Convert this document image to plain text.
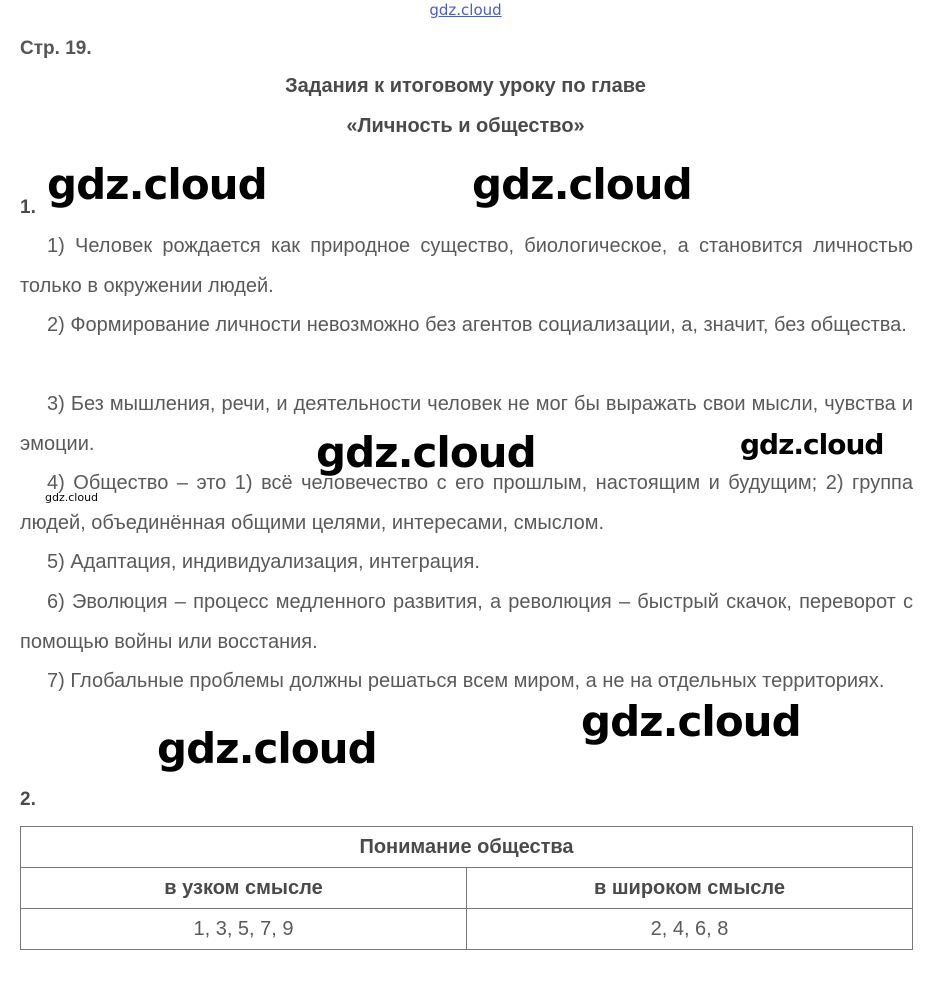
gdz.cloud
Стр. 19.
Задания к итоговому уроку по главе
«Личность и общество»
1.
1) Человек рождается как природное существо, биологическое, а становится личностью только в окружении людей.
2) Формирование личности невозможно без агентов социализации, а, значит, без общества.
3) Без мышления, речи, и деятельности человек не мог бы выражать свои мысли, чувства и эмоции.
4) Общество – это 1) всё человечество с его прошлым, настоящим и будущим; 2) группа людей, объединённая общими целями, интересами, смыслом.
5) Адаптация, индивидуализация, интеграция.
6) Эволюция – процесс медленного развития, а революция – быстрый скачок, переворот с помощью войны или восстания.
7) Глобальные проблемы должны решаться всем миром, а не на отдельных территориях.
2.
Понимание общества	
в узком смысле	в широком смысле
1, 3, 5, 7, 9	2, 4, 6, 8
gdz.cloud	gdz.cloud
gdz.cloud	gdz.cloud
gdz.cloud
gdz.cloud
gdz.cloud
